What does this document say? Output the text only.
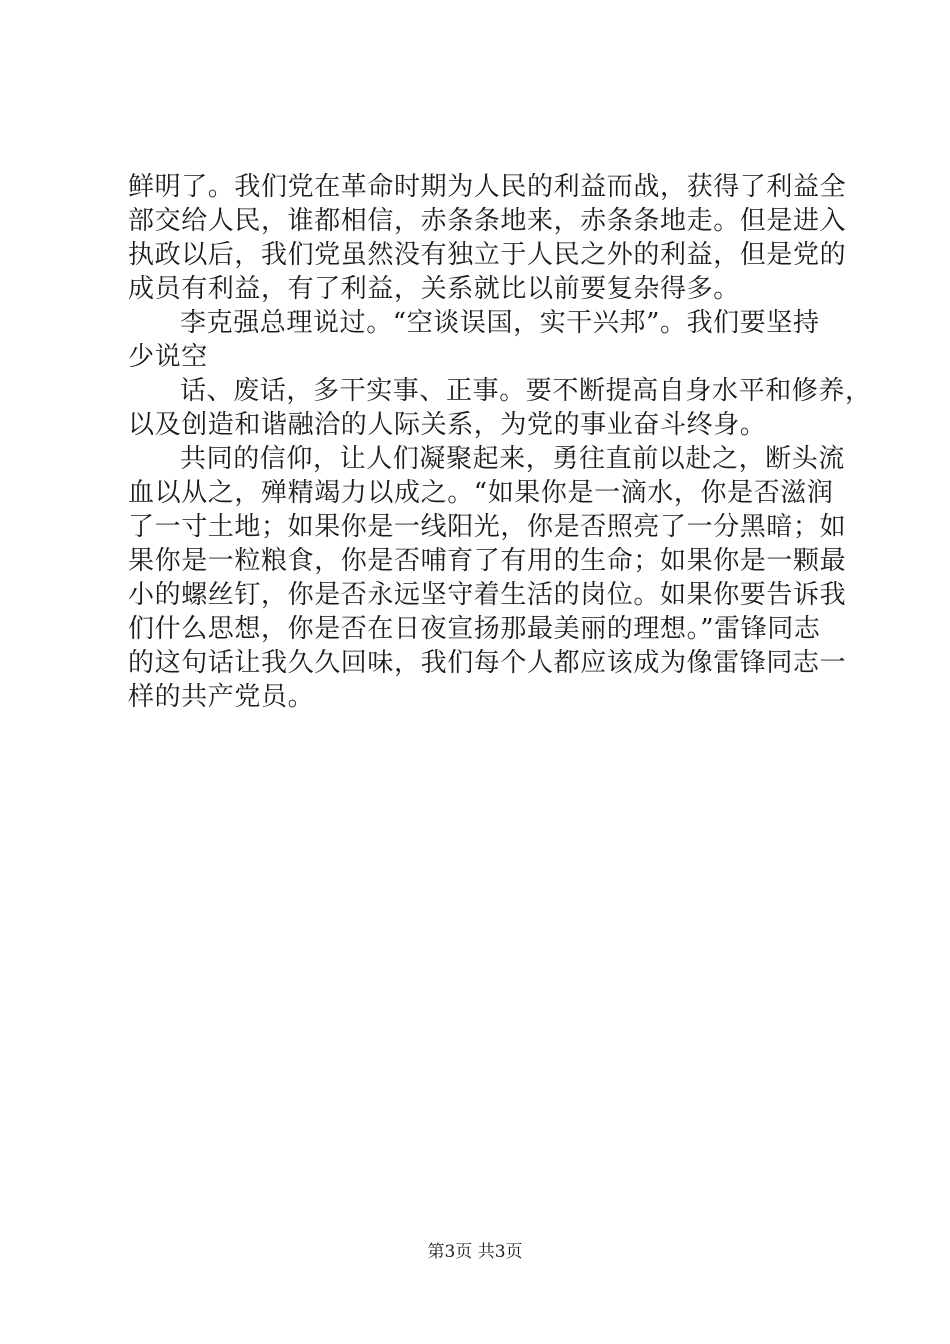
鲜明了。我们党在革命时期为人民的利益而战，获得了利益全
部交给人民，谁都相信，赤条条地来，赤条条地走。但是进入
执政以后，我们党虽然没有独立于人民之外的利益，但是党的
成员有利益，有了利益，关系就比以前要复杂得多。
李克强总理说过。“空谈误国，实干兴邦”。我们要坚持
少说空
话、废话，多干实事、正事。要不断提高自身水平和修养，
以及创造和谐融洽的人际关系，为党的事业奋斗终身。
共同的信仰，让人们凝聚起来，勇往直前以赴之，断头流
血以从之，殚精竭力以成之。“如果你是一滴水，你是否滋润
了一寸土地；如果你是一线阳光，你是否照亮了一分黑暗；如
果你是一粒粮食，你是否哺育了有用的生命；如果你是一颗最
小的螺丝钉，你是否永远坚守着生活的岗位。如果你要告诉我
们什么思想，你是否在日夜宣扬那最美丽的理想。”雷锋同志
的这句话让我久久回味，我们每个人都应该成为像雷锋同志一
样的共产党员。
第3页 共3页
